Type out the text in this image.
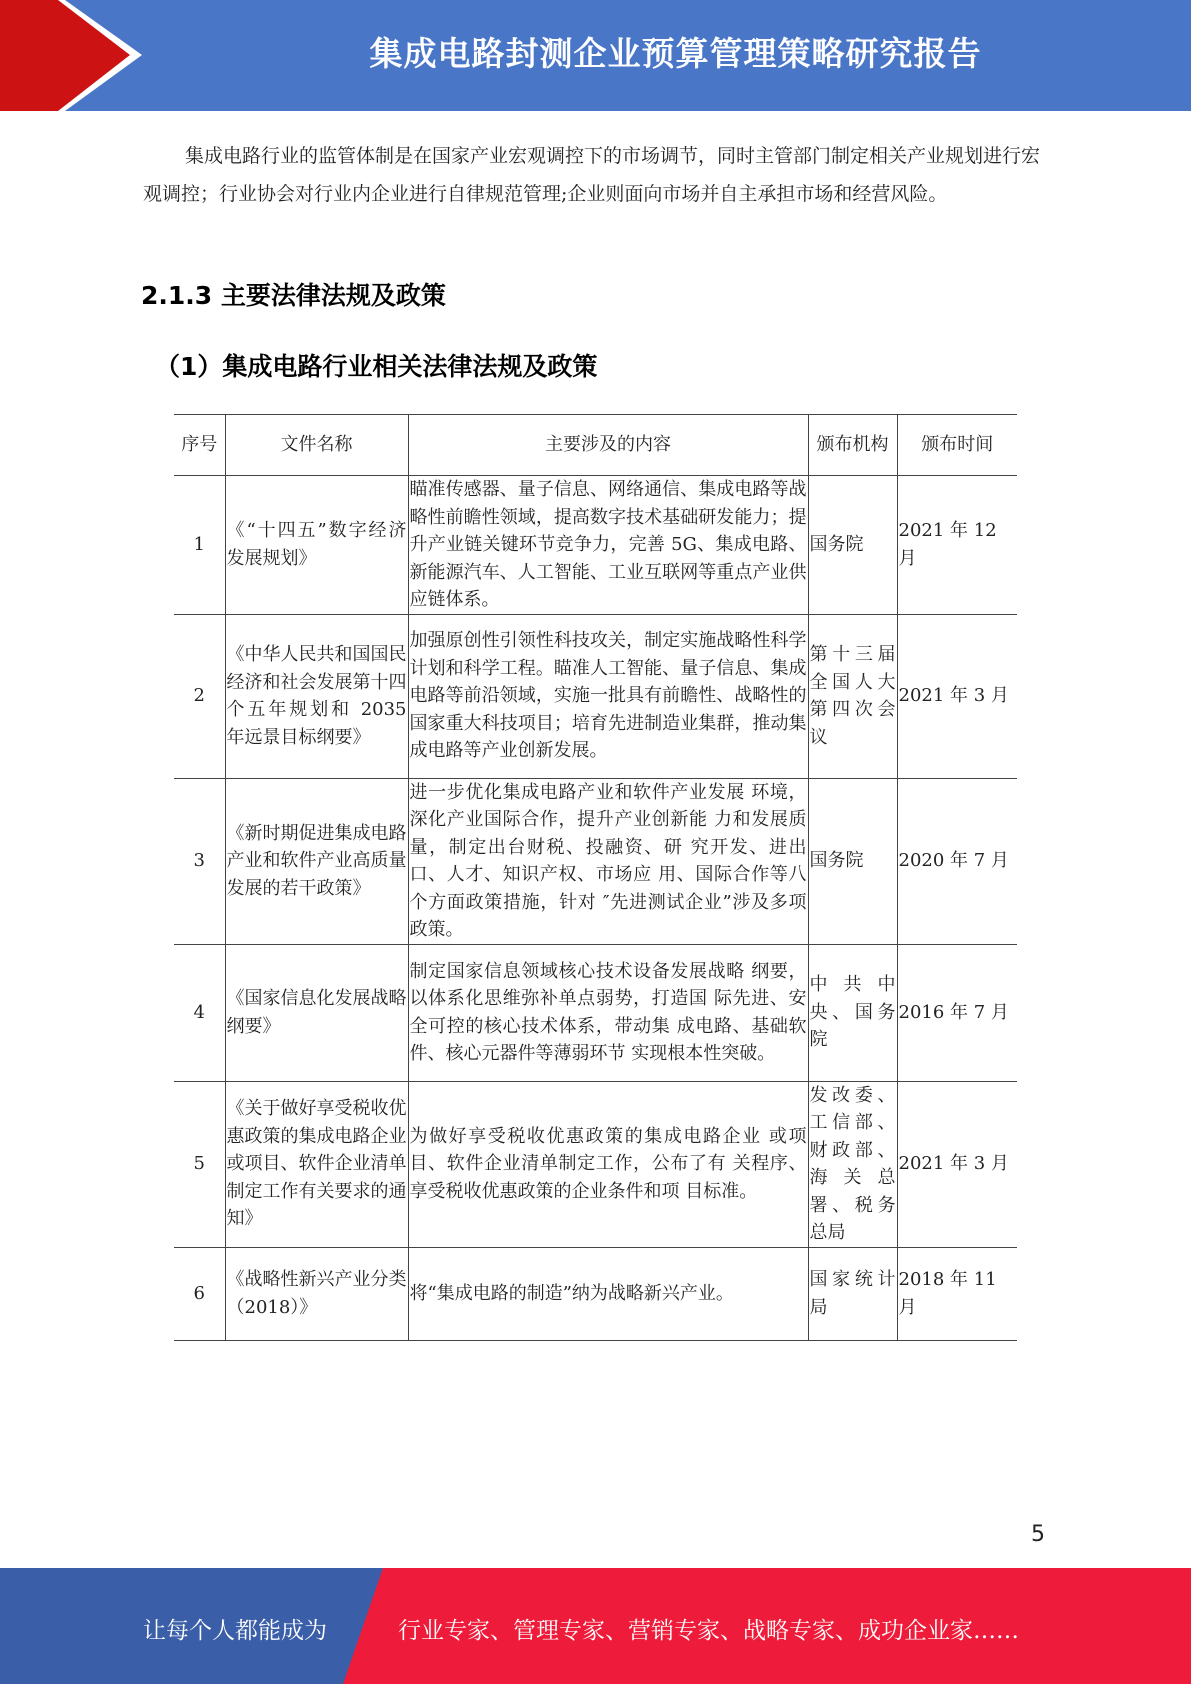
集成电路封测企业预算管理策略研究报告

集成电路行业的监管体制是在国家产业宏观调控下的市场调节，同时主管部门制定相关产业规划进行宏观调控；行业协会对行业内企业进行自律规范管理;企业则面向市场并自主承担市场和经营风险。

2.1.3 主要法律法规及政策
（1）集成电路行业相关法律法规及政策
序号	文件名称	主要涉及的内容	颁布机构	颁布时间
1	《“十四五”数字经济发展规划》	瞄准传感器、量子信息、网络通信、集成电路等战略性前瞻性领域，提高数字技术基础研发能力；提升产业链关键环节竞争力，完善 5G、集成电路、新能源汽车、人工智能、工业互联网等重点产业供应链体系。	国务院	2021 年 12 月
2	《中华人民共和国国民经济和社会发展第十四个五年规划和 2035 年远景目标纲要》	加强原创性引领性科技攻关，制定实施战略性科学计划和科学工程。瞄准人工智能、量子信息、集成电路等前沿领域，实施一批具有前瞻性、战略性的国家重大科技项目；培育先进制造业集群，推动集成电路等产业创新发展。	第十三届全国人大第四次会议	2021 年 3 月
3	《新时期促进集成电路产业和软件产业高质量发展的若干政策》	进一步优化集成电路产业和软件产业发展 环境，深化产业国际合作，提升产业创新能 力和发展质量，制定出台财税、投融资、研 究开发、进出口、人才、知识产权、市场应 用、国际合作等八个方面政策措施，针对 ″先进测试企业”涉及多项政策。	国务院	2020 年 7 月
4	《国家信息化发展战略纲要》	制定国家信息领域核心技术设备发展战略 纲要，以体系化思维弥补单点弱势，打造国 际先进、安全可控的核心技术体系，带动集 成电路、基础软件、核心元器件等薄弱环节 实现根本性突破。	中共中央、国务院	2016 年 7 月
5	《关于做好享受税收优惠政策的集成电路企业或项目、软件企业清单制定工作有关要求的通知》	为做好享受税收优惠政策的集成电路企业 或项目、软件企业清单制定工作，公布了有 关程序、享受税收优惠政策的企业条件和项 目标准。	发改委、工信部、财政部、海关总署、税务总局	2021 年 3 月
6	《战略性新兴产业分类（2018）》	将“集成电路的制造”纳为战略新兴产业。	国家统计局	2018 年 11 月
5
让每个人都能成为	行业专家、管理专家、营销专家、战略专家、成功企业家……
